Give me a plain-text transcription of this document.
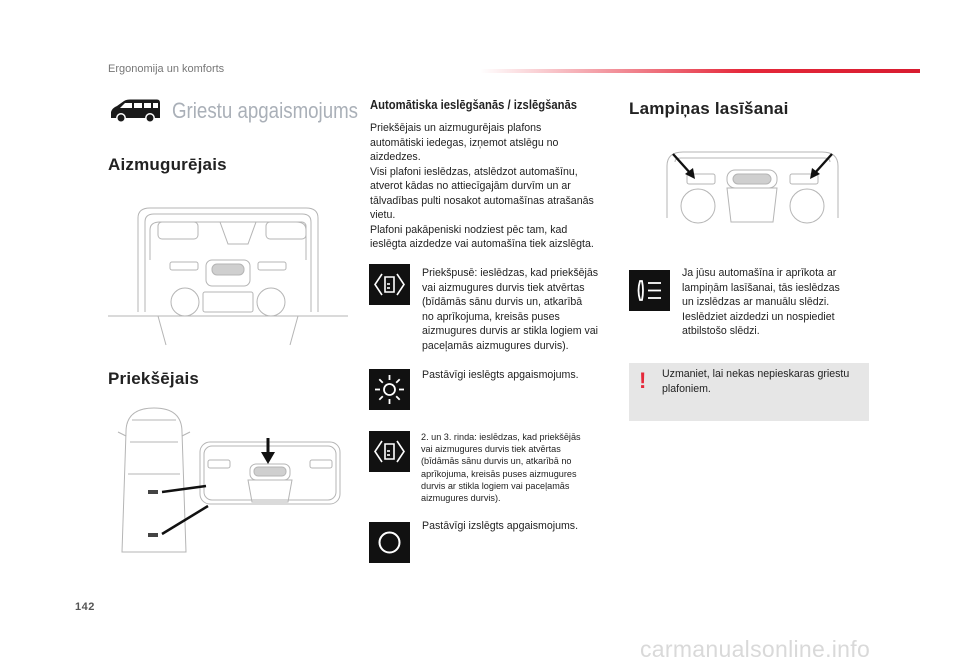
Ergonomija un komforts
Griestu apgaismojums
Aizmugurējais
Priekšējais
Automātiska ieslēgšanās / izslēgšanās
Priekšējais un aizmugurējais plafons
automātiski iedegas, izņemot atslēgu no
aizdedzes.
Visi plafoni ieslēdzas, atslēdzot automašīnu,
atverot kādas no attiecīgajām durvīm un ar
tālvadības pulti nosakot automašīnas atrašanās
vietu.
Plafoni pakāpeniski nodziest pēc tam, kad
ieslēgta aizdedze vai automašīna tiek aizslēgta.
Priekšpusē: ieslēdzas, kad priekšējās
vai aizmugures durvis tiek atvērtas
(bīdāmās sānu durvis un, atkarībā
no aprīkojuma, kreisās puses
aizmugures durvis ar stikla logiem vai
paceļamās aizmugures durvis).
Pastāvīgi ieslēgts apgaismojums.
2. un 3. rinda: ieslēdzas, kad priekšējās
vai aizmugures durvis tiek atvērtas
(bīdāmās sānu durvis un, atkarībā no
aprīkojuma, kreisās puses aizmugures
durvis ar stikla logiem vai paceļamās
aizmugures durvis).
Pastāvīgi izslēgts apgaismojums.
Lampiņas lasīšanai
Ja jūsu automašīna ir aprīkota ar
lampiņām lasīšanai, tās ieslēdzas
un izslēdzas ar manuālu slēdzi.
Ieslēdziet aizdedzi un nospiediet
atbilstošo slēdzi.
! Uzmaniet, lai nekas nepieskaras griestu
plafoniem.
142
carmanualsonline.info
